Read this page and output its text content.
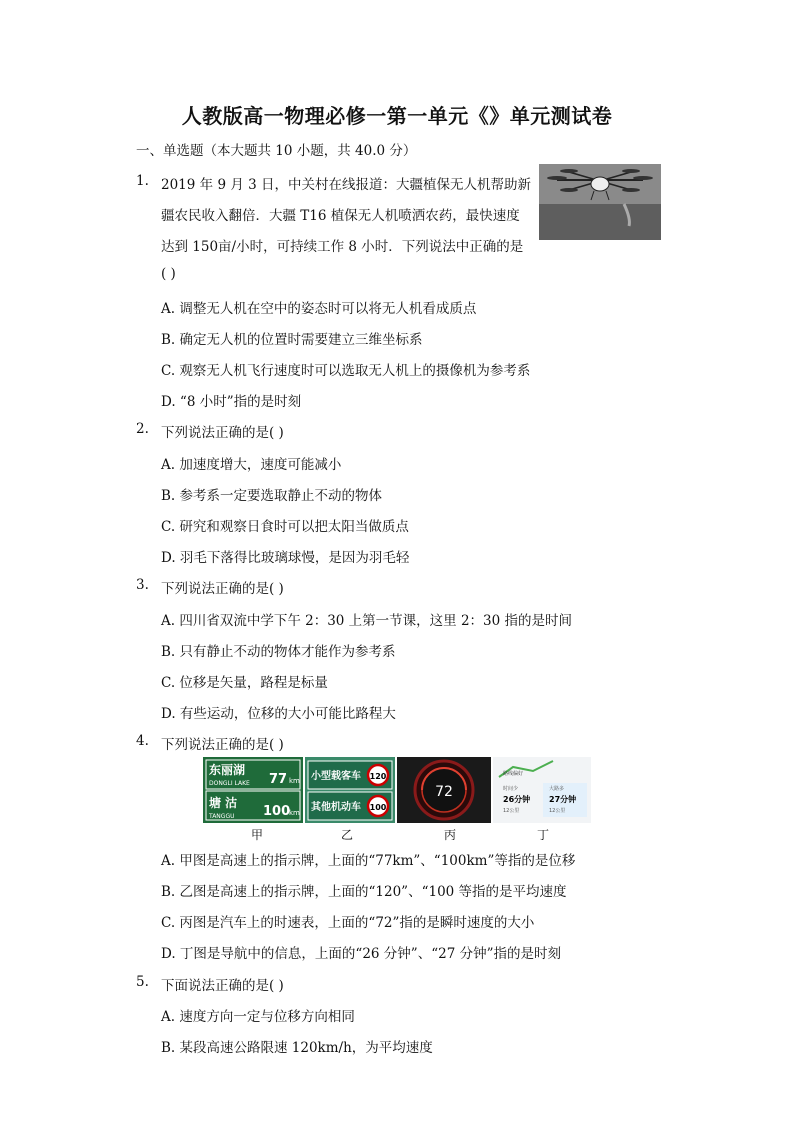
人教版高一物理必修一第一单元《》单元测试卷
一、单选题（本大题共 10 小题，共 40.0 分）
1. 2019 年 9 月 3 日，中关村在线报道：大疆植保无人机帮助新
疆农民收入翻倍．大疆 T16 植保无人机喷洒农药，最快速度
达到 150亩/小时，可持续工作 8 小时．下列说法中正确的是
( )
A. 调整无人机在空中的姿态时可以将无人机看成质点
B. 确定无人机的位置时需要建立三维坐标系
C. 观察无人机飞行速度时可以选取无人机上的摄像机为参考系
D. “8 小时”指的是时刻
2. 下列说法正确的是( )
A. 加速度增大，速度可能减小
B. 参考系一定要选取静止不动的物体
C. 研究和观察日食时可以把太阳当做质点
D. 羽毛下落得比玻璃球慢，是因为羽毛轻
3. 下列说法正确的是( )
A. 四川省双流中学下午 2：30 上第一节课，这里 2：30 指的是时间
B. 只有静止不动的物体才能作为参考系
C. 位移是矢量，路程是标量
D. 有些运动，位移的大小可能比路程大
4. 下列说法正确的是( )
东丽湖
DONGLI LAKE 77 km
塘 沽
TANGGU 100
km
小型载客车 120
其他机动车 100
72
路线偏好
时间少
26分钟
12公里
大路多
27分钟
12公里
甲	乙	丙	丁
A. 甲图是高速上的指示牌，上面的“77km”、“100km”等指的是位移
B. 乙图是高速上的指示牌，上面的“120”、“100 等指的是平均速度
C. 丙图是汽车上的时速表，上面的“72”指的是瞬时速度的大小
D. 丁图是导航中的信息，上面的“26 分钟”、“27 分钟”指的是时刻
5. 下面说法正确的是( )
A. 速度方向一定与位移方向相同
B. 某段高速公路限速 120km/h，为平均速度
